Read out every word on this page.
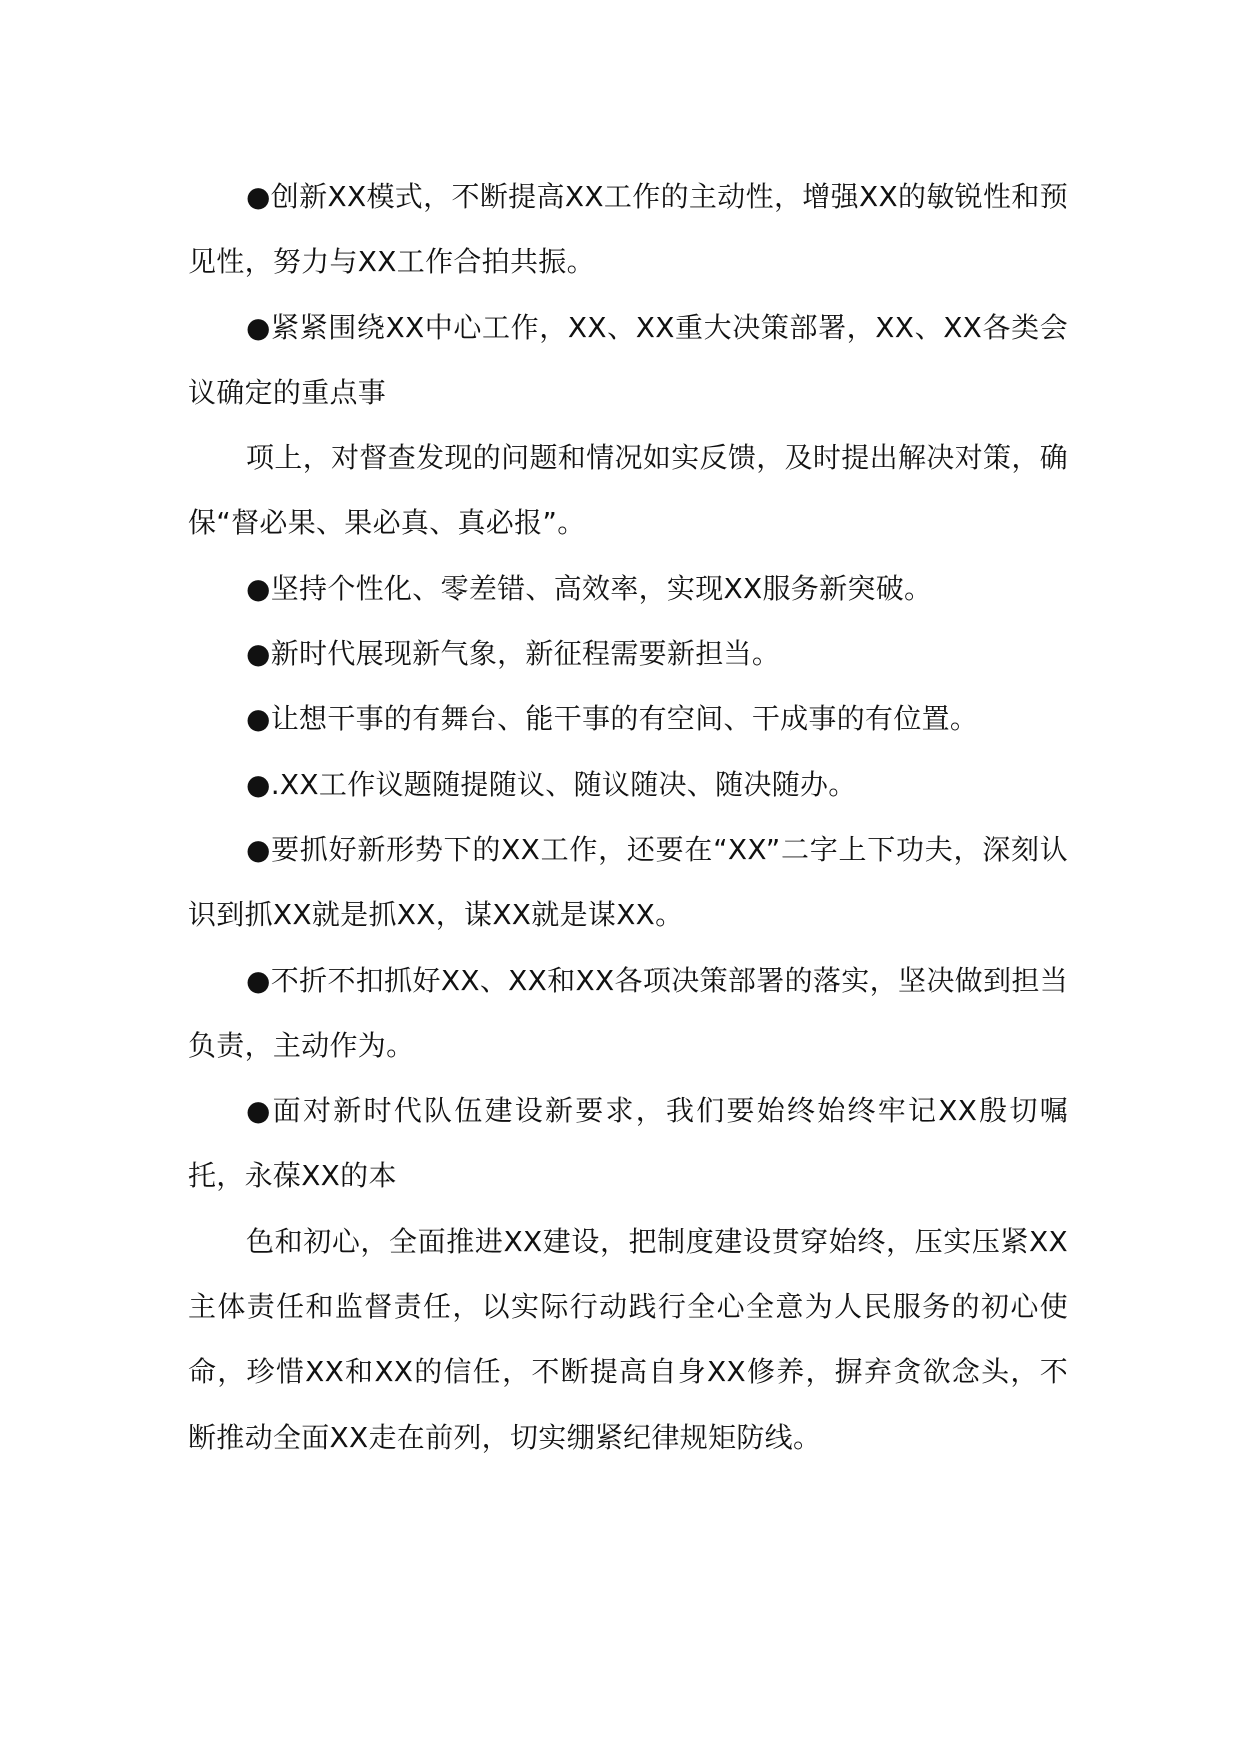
●创新XX模式，不断提高XX工作的主动性，增强XX的敏锐性和预见性，努力与XX工作合拍共振。

●紧紧围绕XX中心工作，XX、XX重大决策部署，XX、XX各类会议确定的重点事

项上，对督查发现的问题和情况如实反馈，及时提出解决对策，确保“督必果、果必真、真必报”。

●坚持个性化、零差错、高效率，实现XX服务新突破。

●新时代展现新气象，新征程需要新担当。

●让想干事的有舞台、能干事的有空间、干成事的有位置。

●.XX工作议题随提随议、随议随决、随决随办。

●要抓好新形势下的XX工作，还要在“XX”二字上下功夫，深刻认识到抓XX就是抓XX，谋XX就是谋XX。

●不折不扣抓好XX、XX和XX各项决策部署的落实，坚决做到担当负责，主动作为。

●面对新时代队伍建设新要求，我们要始终始终牢记XX殷切嘱托，永葆XX的本

色和初心，全面推进XX建设，把制度建设贯穿始终，压实压紧XX主体责任和监督责任，以实际行动践行全心全意为人民服务的初心使命，珍惜XX和XX的信任，不断提高自身XX修养，摒弃贪欲念头，不断推动全面XX走在前列，切实绷紧纪律规矩防线。
